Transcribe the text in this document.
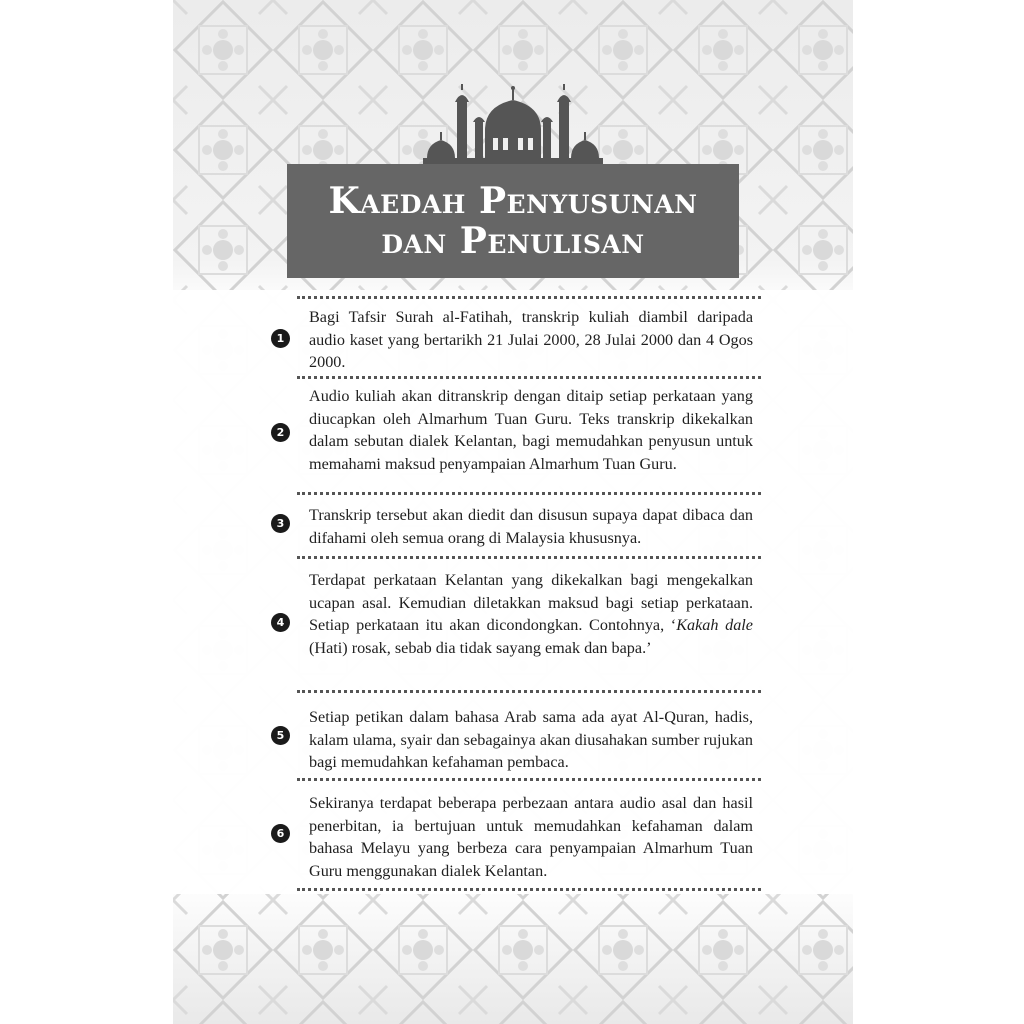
Kaedah Penyusunan
dan Penulisan
1

Bagi Tafsir Surah al-Fatihah, transkrip kuliah diambil daripada audio kaset yang bertarikh 21 Julai 2000, 28 Julai 2000 dan 4 Ogos 2000.

2

Audio kuliah akan ditranskrip dengan ditaip setiap perkataan yang diucapkan oleh Almarhum Tuan Guru. Teks transkrip dikekalkan dalam sebutan dialek Kelantan, bagi memudahkan penyusun untuk memahami maksud penyampaian Almarhum Tuan Guru.

3	Transkrip tersebut akan diedit dan disusun supaya dapat dibaca dan difahami oleh semua orang di Malaysia khususnya.

4

Terdapat perkataan Kelantan yang dikekalkan bagi mengekalkan ucapan asal. Kemudian diletakkan maksud bagi setiap perkataan. Setiap perkataan itu akan dicondongkan. Contohnya, ‘Kakah dale (Hati) rosak, sebab dia tidak sayang emak dan bapa.’

5

Setiap petikan dalam bahasa Arab sama ada ayat Al-Quran, hadis, kalam ulama, syair dan sebagainya akan diusahakan sumber rujukan bagi memudahkan kefahaman pembaca.

6

Sekiranya terdapat beberapa perbezaan antara audio asal dan hasil penerbitan, ia bertujuan untuk memudahkan kefahaman dalam bahasa Melayu yang berbeza cara penyampaian Almarhum Tuan Guru menggunakan dialek Kelantan.
